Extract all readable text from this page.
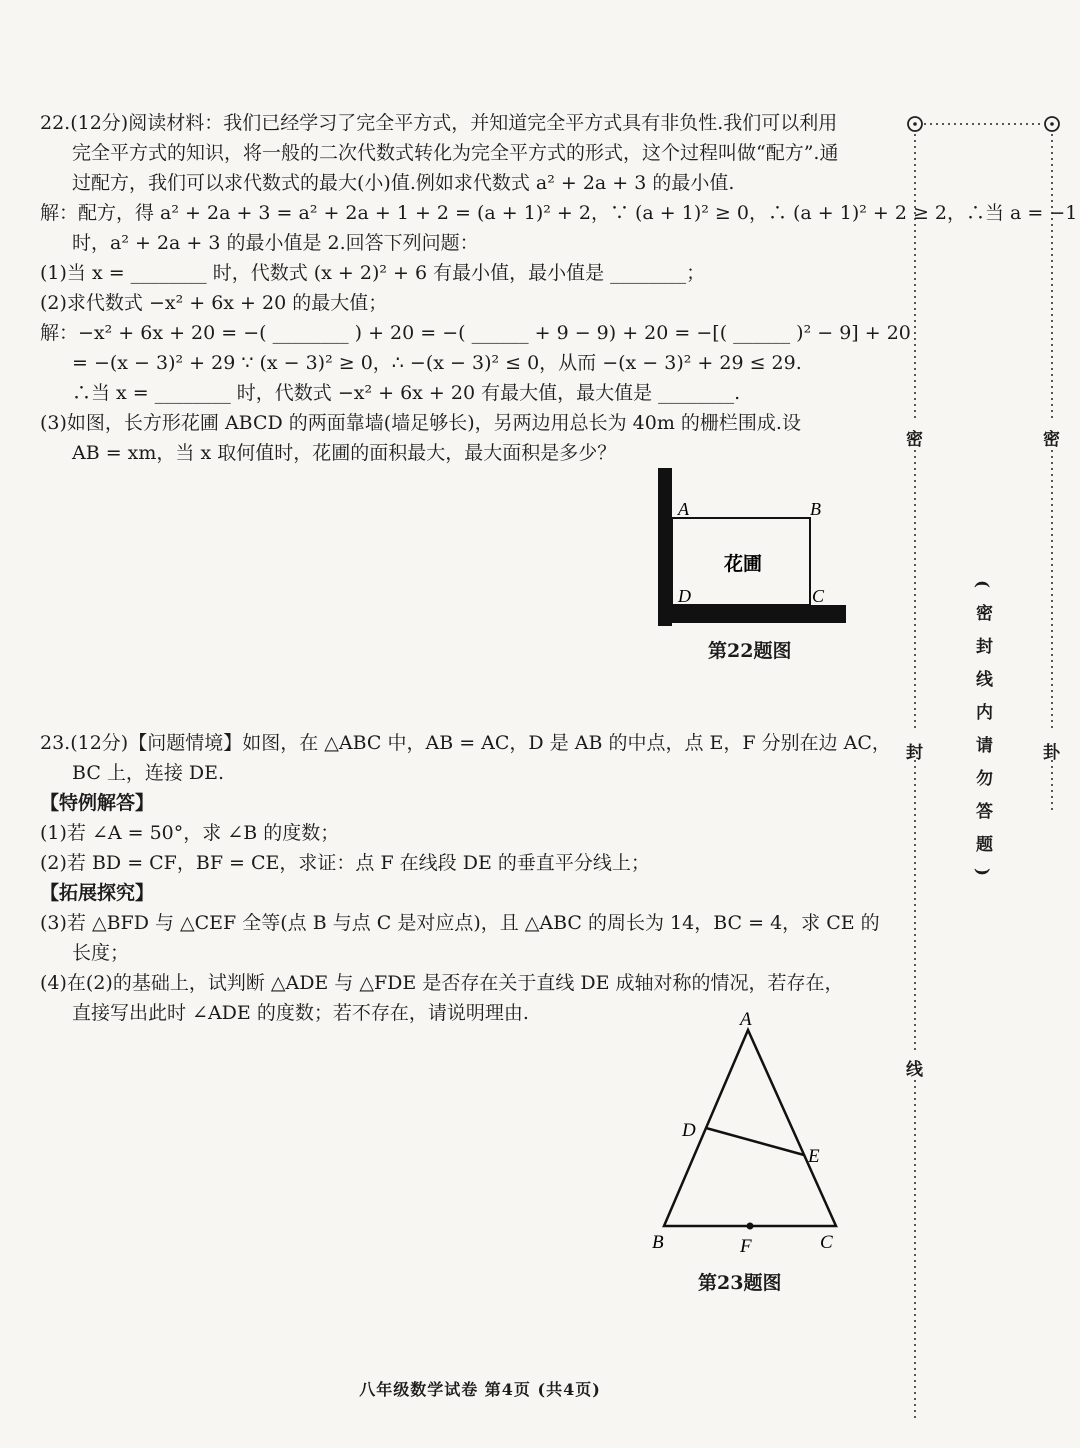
22.(12分)阅读材料：我们已经学习了完全平方式，并知道完全平方式具有非负性.我们可以利用
完全平方式的知识，将一般的二次代数式转化为完全平方式的形式，这个过程叫做“配方”.通
过配方，我们可以求代数式的最大(小)值.例如求代数式 a² + 2a + 3 的最小值.
解：配方，得 a² + 2a + 3 = a² + 2a + 1 + 2 = (a + 1)² + 2，∵ (a + 1)² ≥ 0，∴ (a + 1)² + 2 ≥ 2，∴当 a = −1
时，a² + 2a + 3 的最小值是 2.回答下列问题：
(1)当 x = ________ 时，代数式 (x + 2)² + 6 有最小值，最小值是 ________；
(2)求代数式 −x² + 6x + 20 的最大值；
解：−x² + 6x + 20 = −( ________ ) + 20 = −( ______ + 9 − 9) + 20 = −[( ______ )² − 9] + 20
= −(x − 3)² + 29 ∵ (x − 3)² ≥ 0，∴ −(x − 3)² ≤ 0，从而 −(x − 3)² + 29 ≤ 29.
∴当 x = ________ 时，代数式 −x² + 6x + 20 有最大值，最大值是 ________.
(3)如图，长方形花圃 ABCD 的两面靠墙(墙足够长)，另两边用总长为 40m 的栅栏围成.设
AB = xm，当 x 取何值时，花圃的面积最大，最大面积是多少？
23.(12分)【问题情境】如图，在 △ABC 中，AB = AC，D 是 AB 的中点，点 E，F 分别在边 AC，
BC 上，连接 DE.
【特例解答】
(1)若 ∠A = 50°，求 ∠B 的度数；
(2)若 BD = CF，BF = CE，求证：点 F 在线段 DE 的垂直平分线上；
【拓展探究】
(3)若 △BFD 与 △CEF 全等(点 B 与点 C 是对应点)，且 △ABC 的周长为 14，BC = 4，求 CE 的
长度；
(4)在(2)的基础上，试判断 △ADE 与 △FDE 是否存在关于直线 DE 成轴对称的情况，若存在，
直接写出此时 ∠ADE 的度数；若不存在，请说明理由.
A	B
C
D
花圃
第22题图
A
D
E
B	F	C
第23题图
八年级数学试卷 第4页 (共4页)
密
封
线
密
卦
(密封线内请勿答题)
